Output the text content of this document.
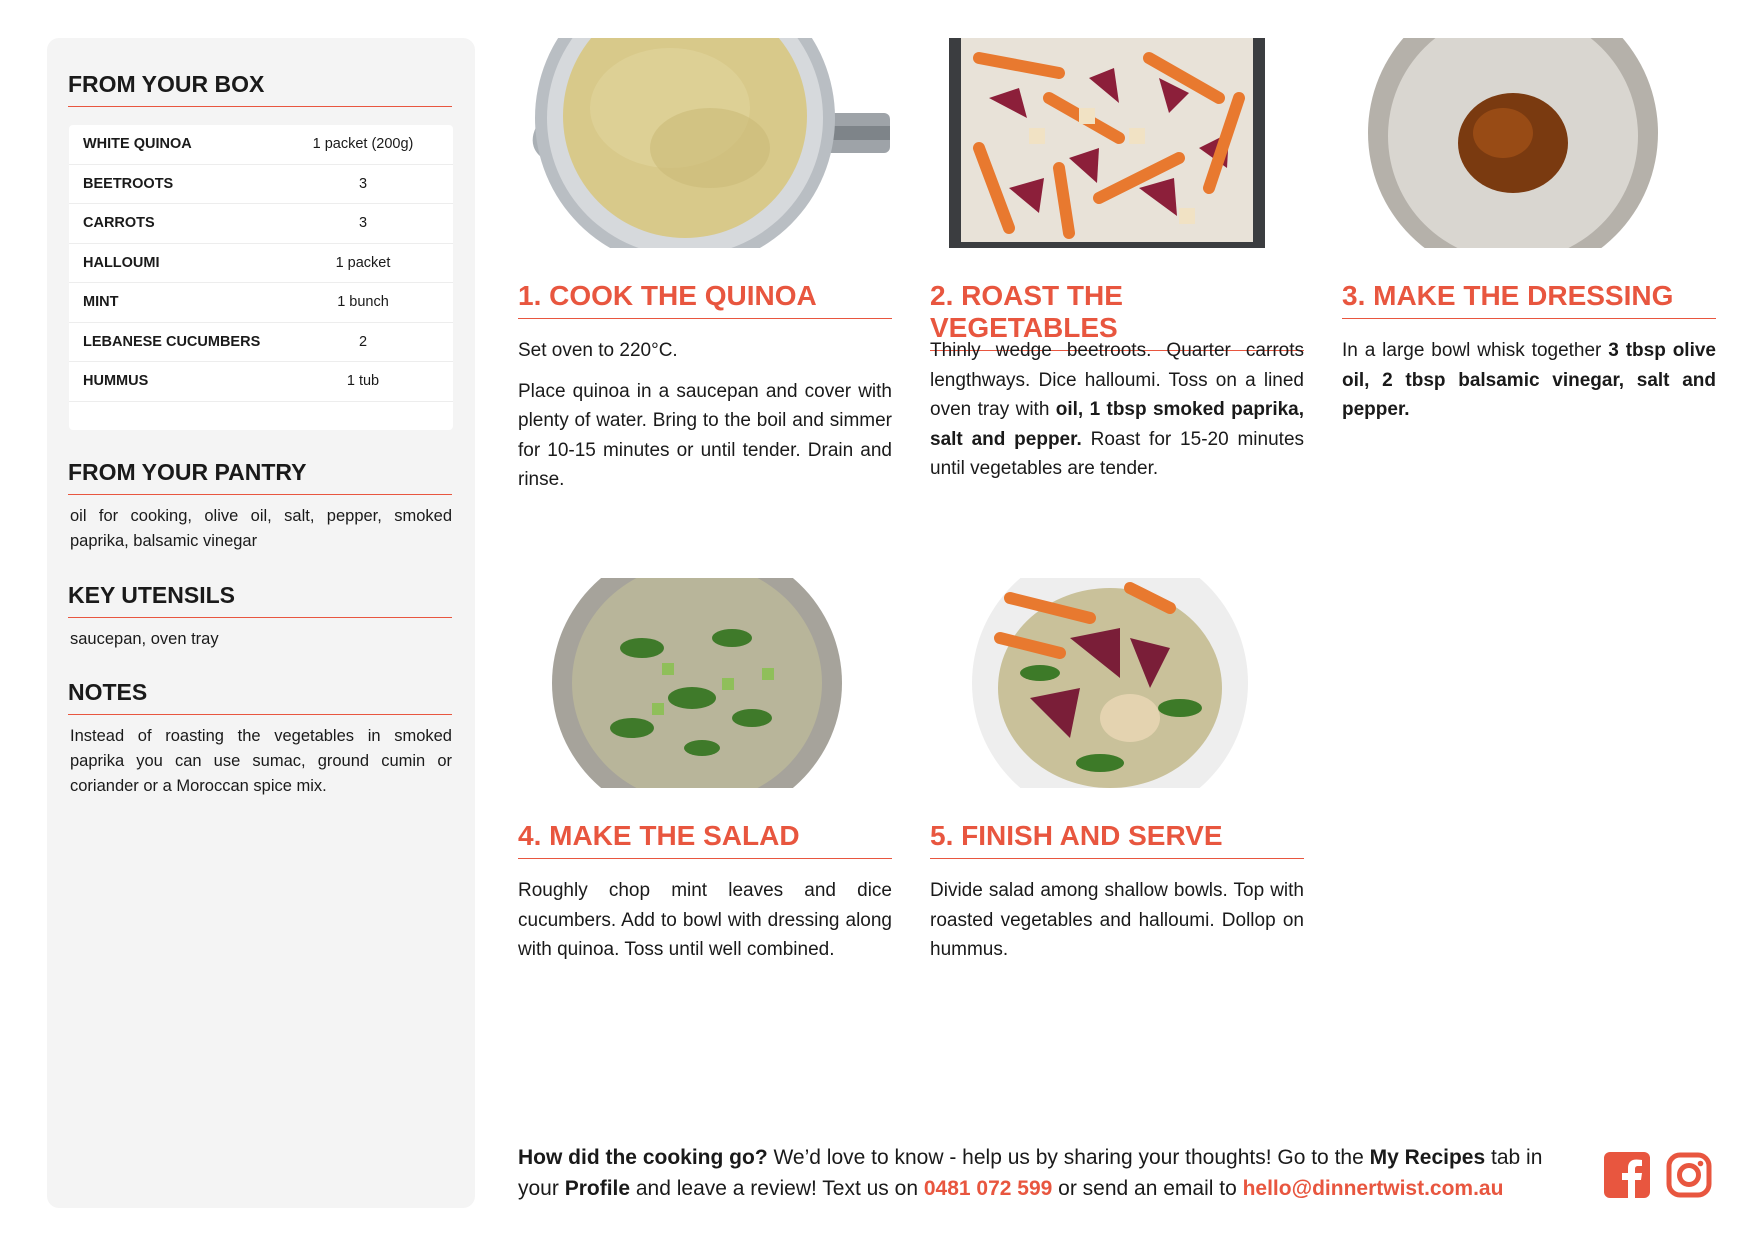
FROM YOUR BOX
WHITE QUINOA	1 packet (200g)
BEETROOTS	3
CARROTS	3
HALLOUMI	1 packet
MINT	1 bunch
LEBANESE CUCUMBERS	2
HUMMUS	1 tub
FROM YOUR PANTRY
oil for cooking, olive oil, salt, pepper, smoked paprika, balsamic vinegar
KEY UTENSILS
saucepan, oven tray
NOTES
Instead of roasting the vegetables in smoked paprika you can use sumac, ground cumin or coriander or a Moroccan spice mix.
1. COOK THE QUINOA

Set oven to 220°C.

Place quinoa in a saucepan and cover with plenty of water. Bring to the boil and simmer for 10-15 minutes or until tender. Drain and rinse.

2. ROAST THE VEGETABLES

Thinly wedge beetroots. Quarter carrots lengthways. Dice halloumi. Toss on a lined oven tray with oil, 1 tbsp smoked paprika, salt and pepper. Roast for 15-20 minutes until vegetables are tender.

3. MAKE THE DRESSING

In a large bowl whisk together 3 tbsp olive oil, 2 tbsp balsamic vinegar, salt and pepper.

4. MAKE THE SALAD

Roughly chop mint leaves and dice cucumbers. Add to bowl with dressing along with quinoa. Toss until well combined.

5. FINISH AND SERVE

Divide salad among shallow bowls. Top with roasted vegetables and halloumi. Dollop on hummus.

How did the cooking go? We’d love to know - help us by sharing your thoughts! Go to the My Recipes tab in your Profile and leave a review! Text us on 0481 072 599 or send an email to hello@dinnertwist.com.au
